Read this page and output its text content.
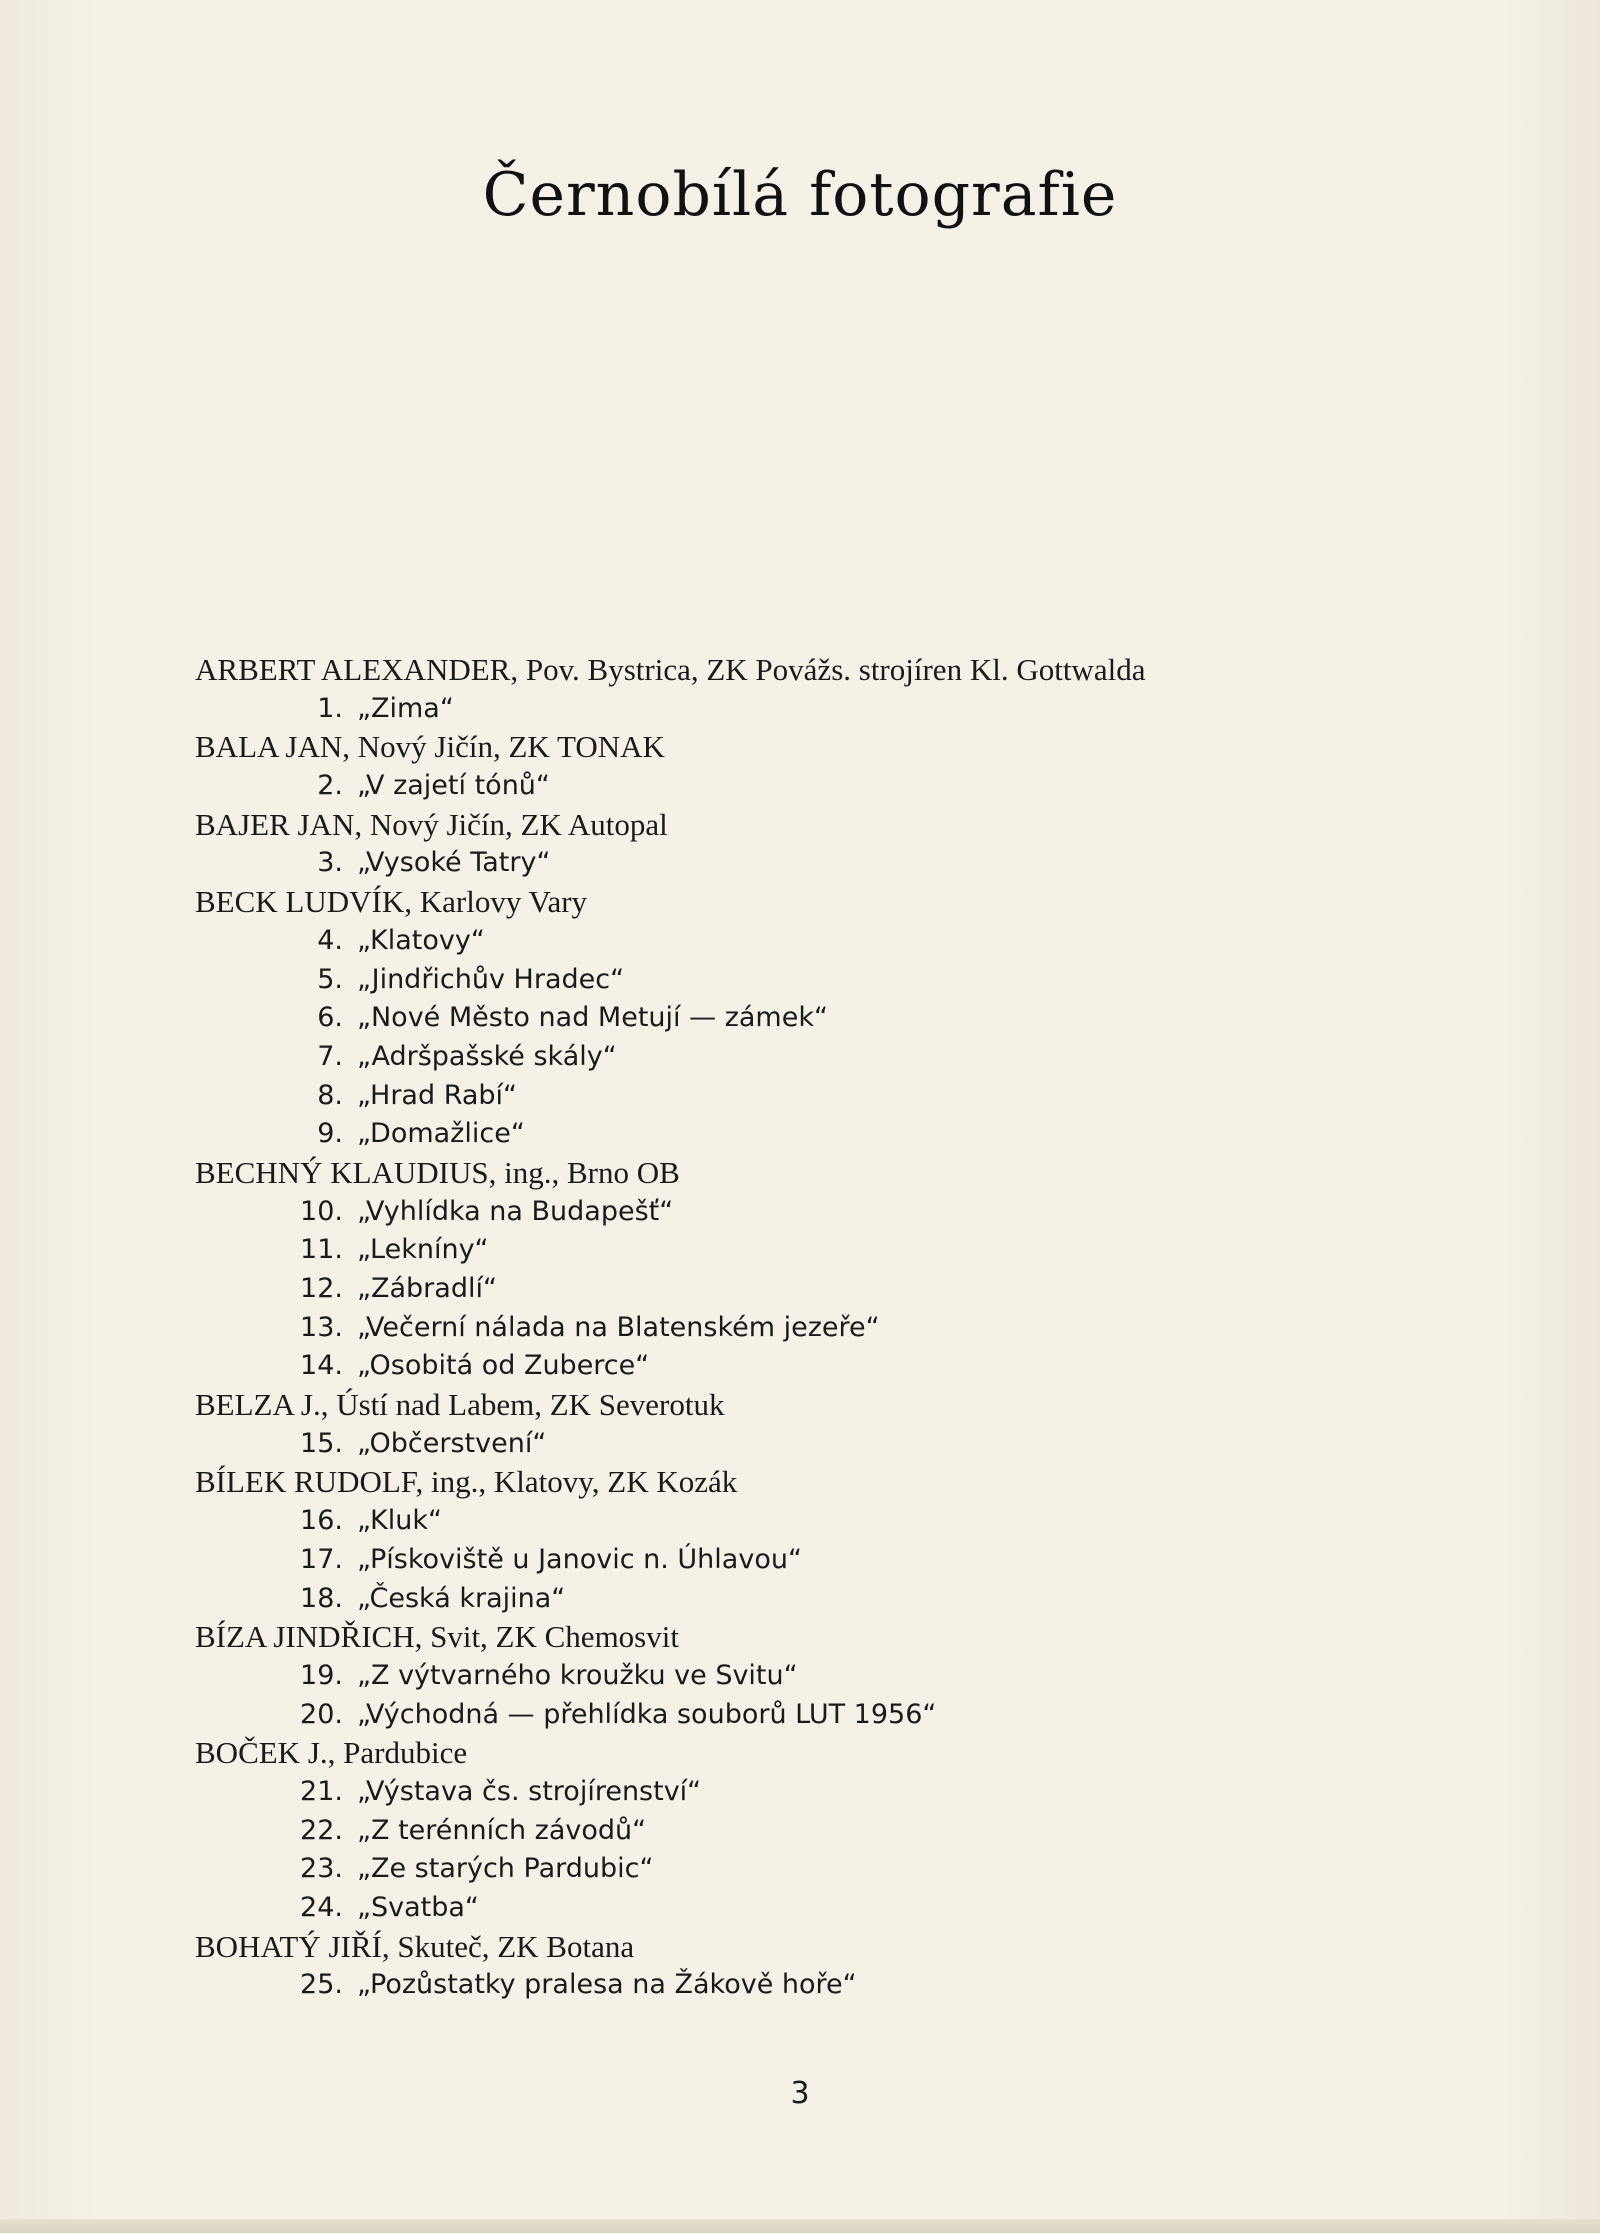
Černobílá fotografie
ARBERT ALEXANDER, Pov. Bystrica, ZK Povážs. strojíren Kl. Gottwalda
1. „Zima“
BALA JAN, Nový Jičín, ZK TONAK
2. „V zajetí tónů“
BAJER JAN, Nový Jičín, ZK Autopal
3. „Vysoké Tatry“
BECK LUDVÍK, Karlovy Vary
4. „Klatovy“
5. „Jindřichův Hradec“
6. „Nové Město nad Metují — zámek“
7. „Adršpašské skály“
8. „Hrad Rabí“
9. „Domažlice“
BECHNÝ KLAUDIUS, ing., Brno OB
10. „Vyhlídka na Budapešť“
11. „Lekníny“
12. „Zábradlí“
13. „Večerní nálada na Blatenském jezeře“
14. „Osobitá od Zuberce“
BELZA J., Ústí nad Labem, ZK Severotuk
15. „Občerstvení“
BÍLEK RUDOLF, ing., Klatovy, ZK Kozák
16. „Kluk“
17. „Pískoviště u Janovic n. Úhlavou“
18. „Česká krajina“
BÍZA JINDŘICH, Svit, ZK Chemosvit
19. „Z výtvarného kroužku ve Svitu“
20. „Východná — přehlídka souborů LUT 1956“
BOČEK J., Pardubice
21. „Výstava čs. strojírenství“
22. „Z terénních závodů“
23. „Ze starých Pardubic“
24. „Svatba“
BOHATÝ JIŘÍ, Skuteč, ZK Botana
25. „Pozůstatky pralesa na Žákově hoře“
3
